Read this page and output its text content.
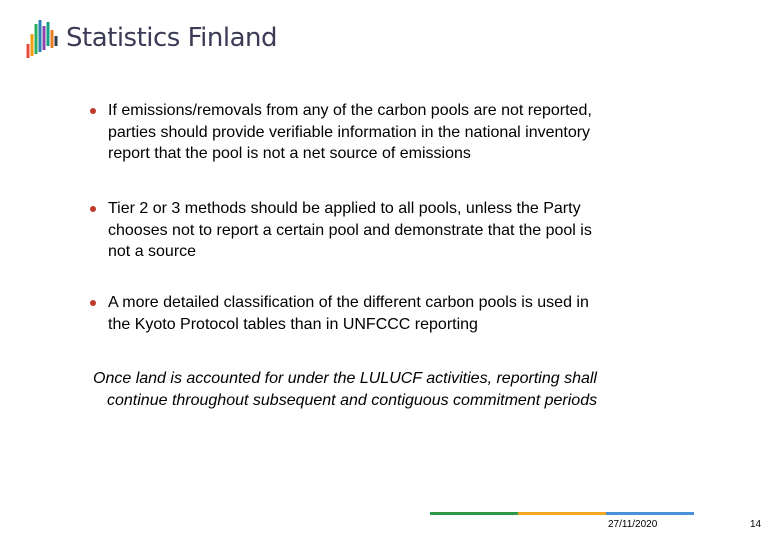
Statistics Finland
If emissions/removals from any of the carbon pools are not reported,
parties should provide verifiable information in the national inventory
report that the pool is not a net source of emissions
Tier 2 or 3 methods should be applied to all pools, unless the Party
chooses not to report a certain pool and demonstrate that the pool is
not a source
A more detailed classification of the different carbon pools is used in
the Kyoto Protocol tables than in UNFCCC reporting
Once land is accounted for under the LULUCF activities, reporting shall
continue throughout subsequent and contiguous commitment periods
27/11/2020	14
